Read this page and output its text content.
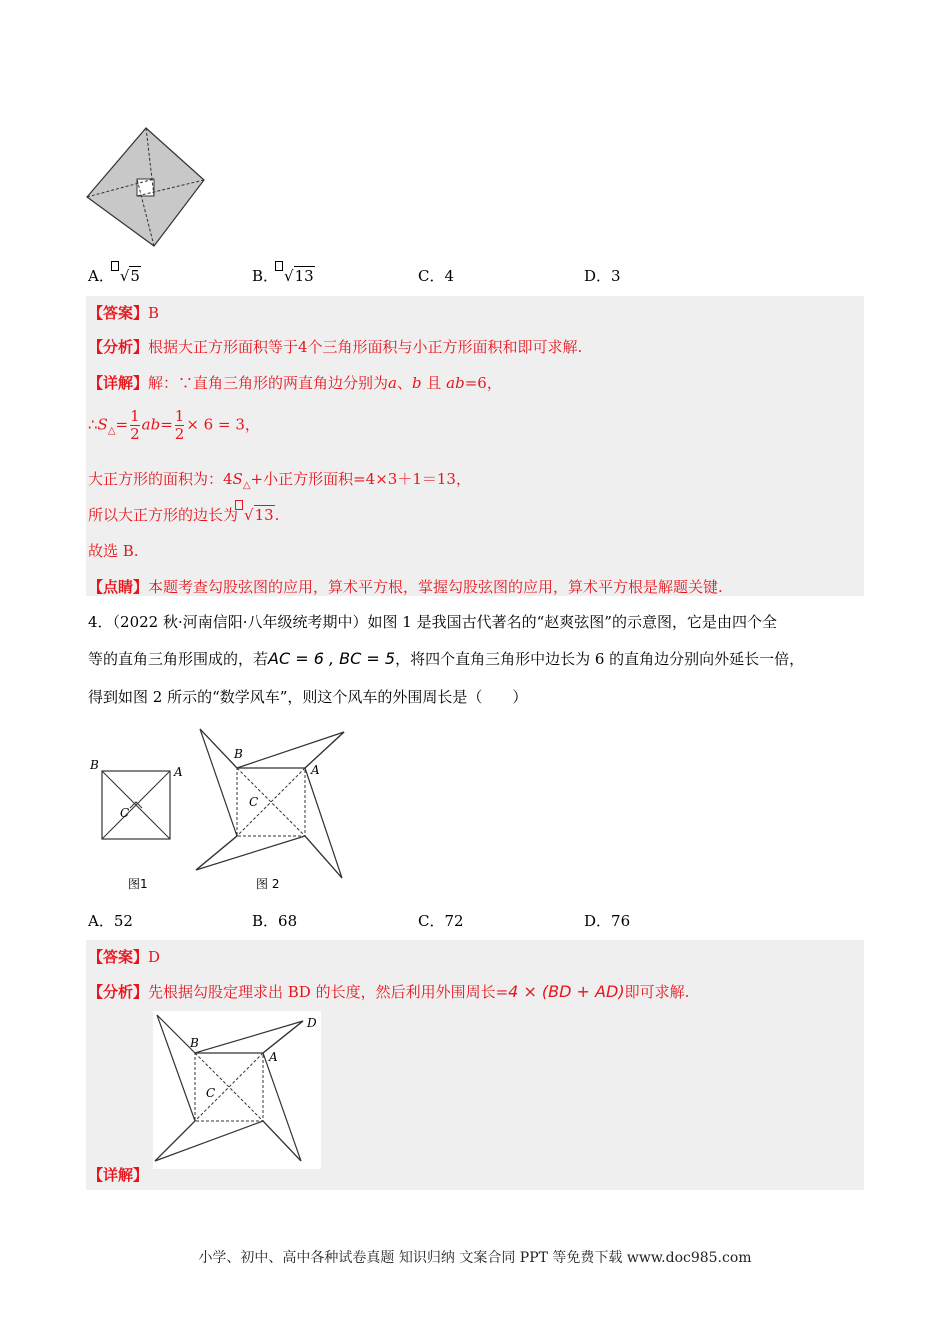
A． √5	B． √13	C．4	D．3
【答案】B
【分析】根据大正方形面积等于4个三角形面积与小正方形面积和即可求解.
【详解】解：∵直角三角形的两直角边分别为a、b 且 ab=6，
$\therefore S_\triangle= \frac{1}{2} ab= \frac{1}{2} \times 6 = 3$，
大正方形的面积为：$4S_\triangle+$小正方形面积=4×3＋1＝13，
所以大正方形的边长为 √13.
故选 B.
【点睛】本题考查勾股弦图的应用，算术平方根，掌握勾股弦图的应用，算术平方根是解题关键.
4．（2022 秋·河南信阳·八年级统考期中）如图 1 是我国古代著名的“赵爽弦图”的示意图，它是由四个全
等的直角三角形围成的，若AC = 6 , BC = 5，将四个直角三角形中边长为 6 的直角边分别向外延长一倍，
得到如图 2 所示的“数学风车”，则这个风车的外围周长是（　　）
B	A
C
图1
B
A
C
图 2
A．52	B．68	C．72	D．76
【答案】D
【分析】先根据勾股定理求出 BD 的长度，然后利用外围周长=4 × (BD + AD)即可求解.
B
A
C
D
【详解】
小学、初中、高中各种试卷真题 知识归纳 文案合同 PPT 等免费下载 www.doc985.com
